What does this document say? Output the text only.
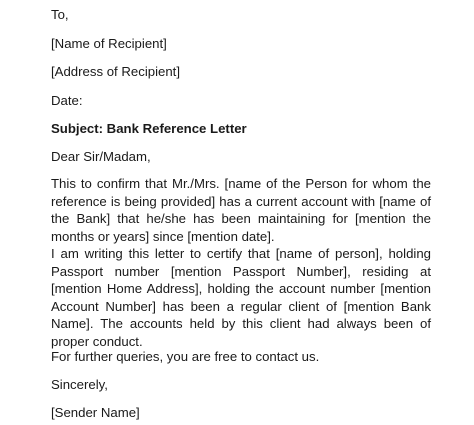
To,
[Name of Recipient]
[Address of Recipient]
Date:
Subject: Bank Reference Letter
Dear Sir/Madam,
This to confirm that Mr./Mrs. [name of the Person for whom the reference is being provided] has a current account with [name of the Bank] that he/she has been maintaining for [mention the months or years] since [mention date].
I am writing this letter to certify that [name of person], holding Passport number [mention Passport Number], residing at [mention Home Address], holding the account number [mention Account Number] has been a regular client of [mention Bank Name]. The accounts held by this client had always been of proper conduct.
For further queries, you are free to contact us.
Sincerely,
[Sender Name]
